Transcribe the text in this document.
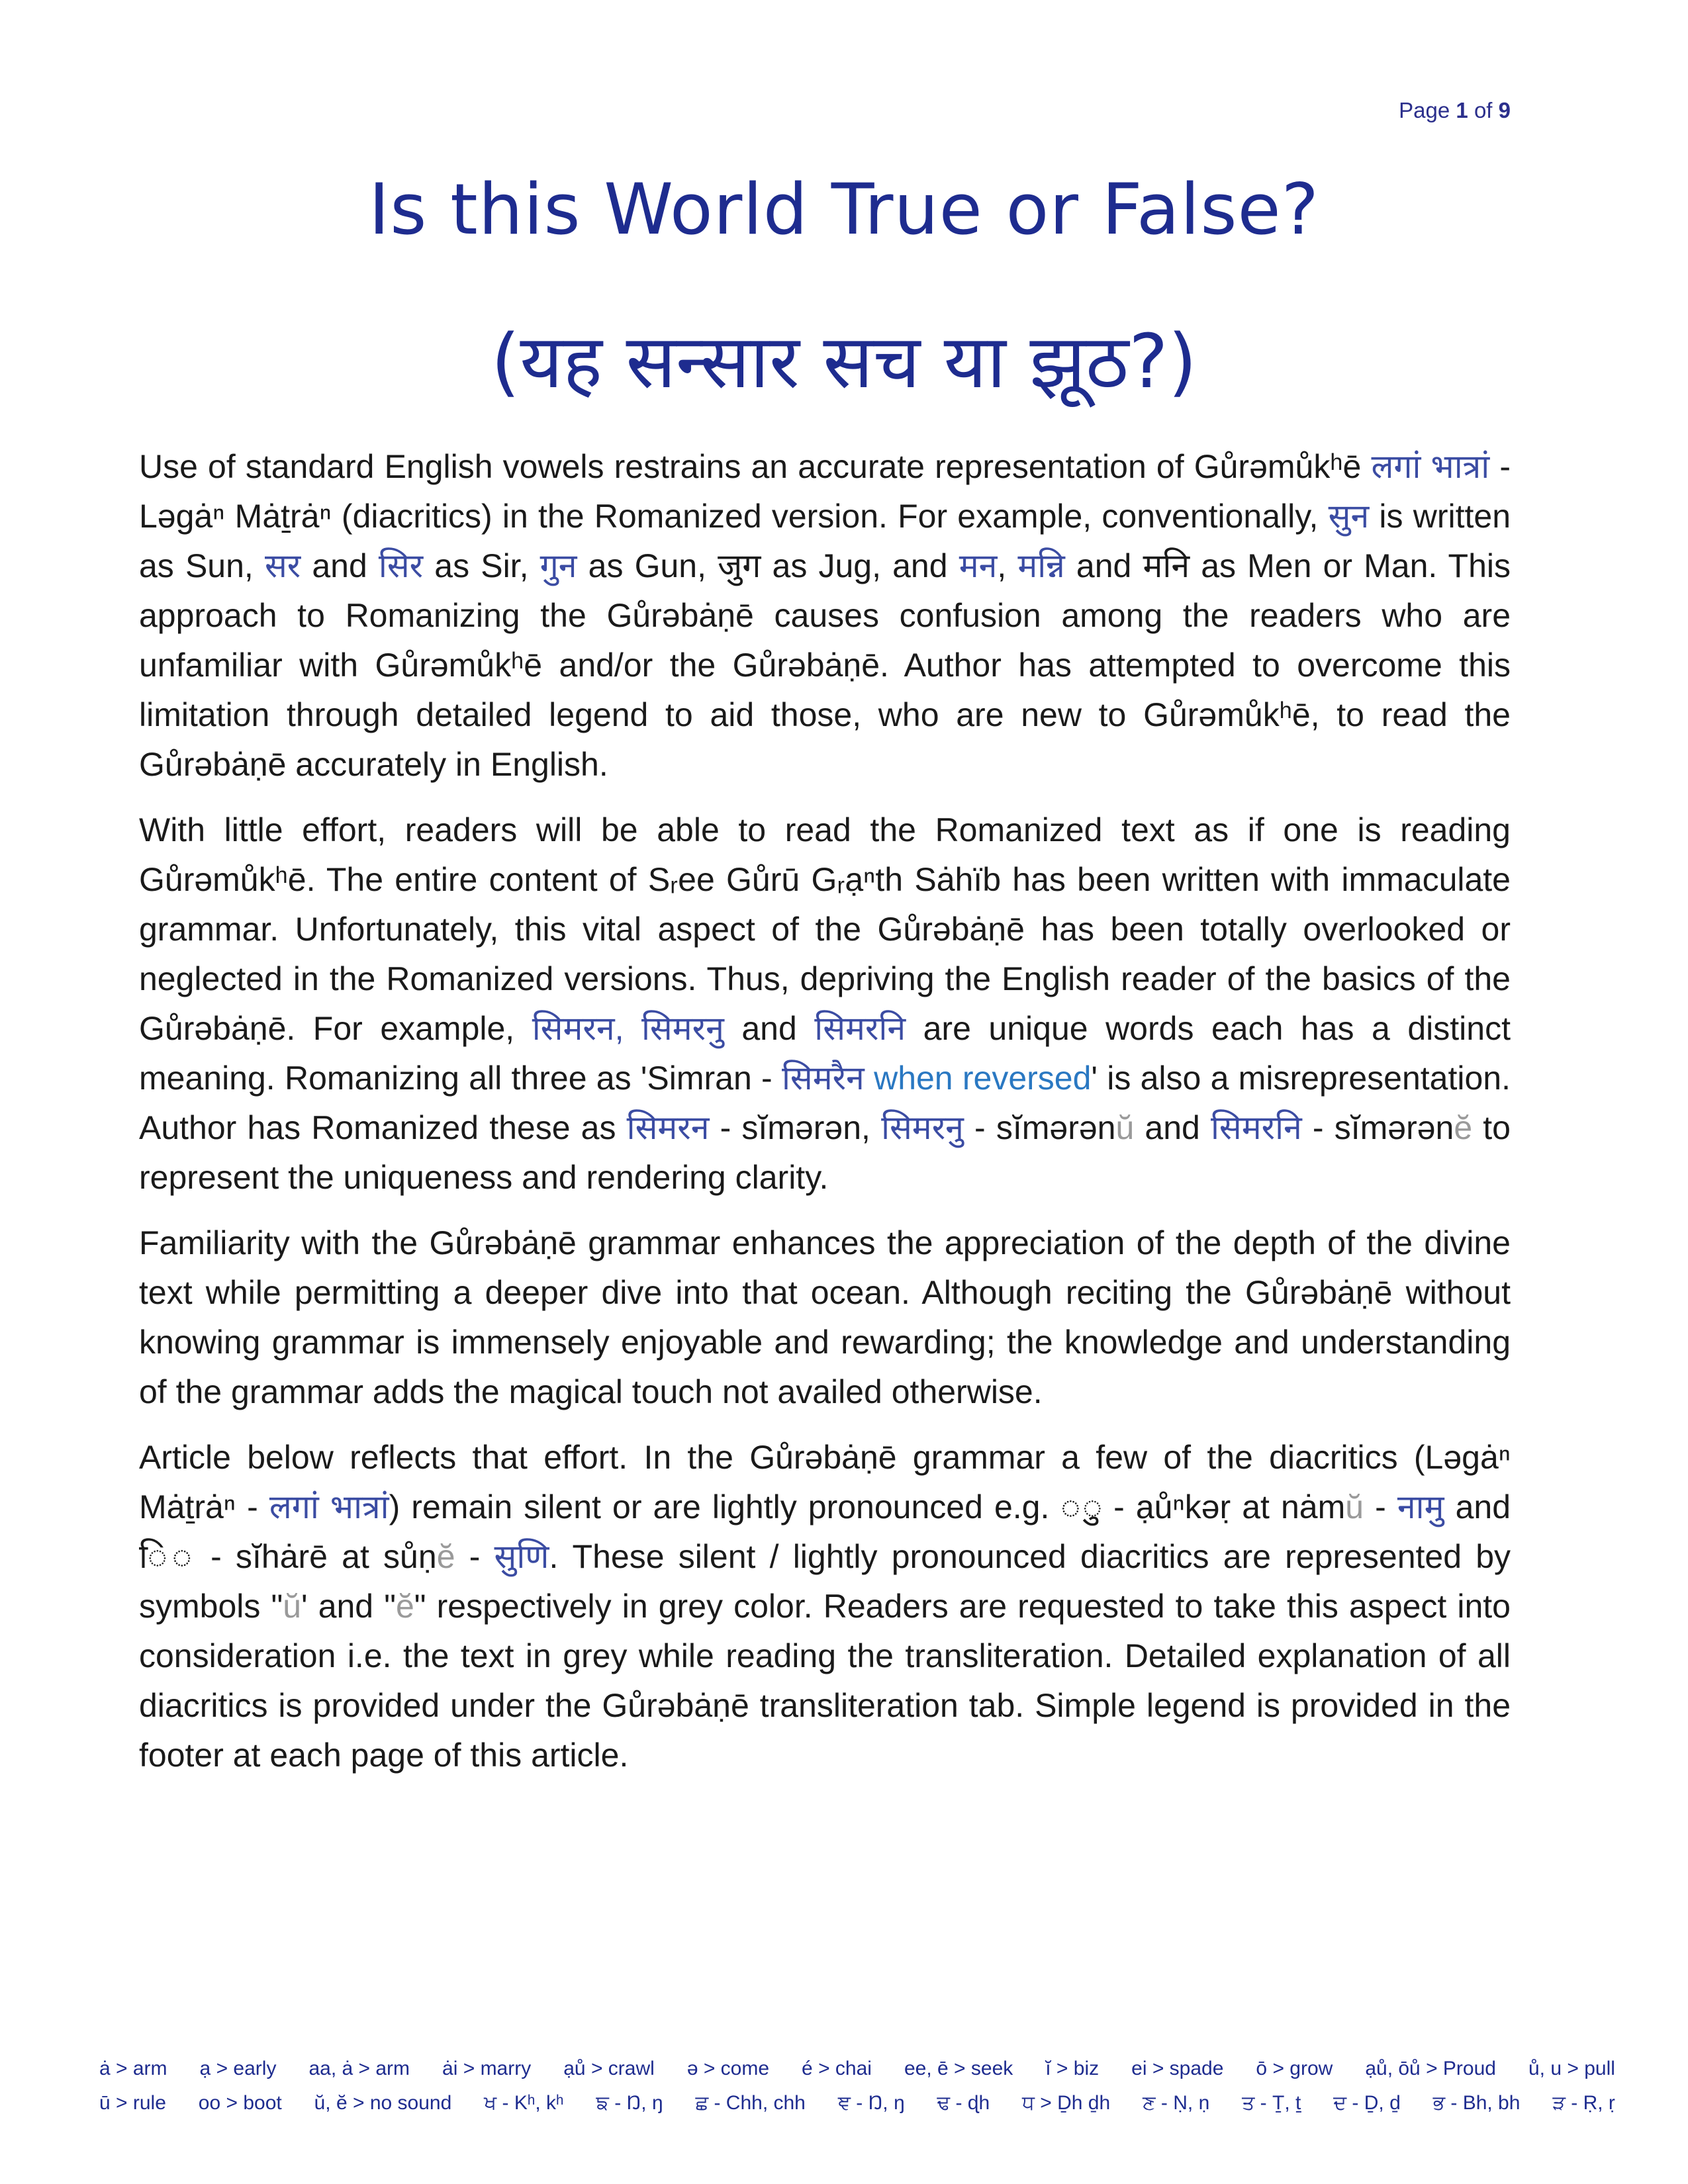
Page 1 of 9
Is this World True or False?
(यह सन्सार सच या झूठ?)

Use of standard English vowels restrains an accurate representation of Gůrəmůkʰē लगां भात्रां - Ləgȧⁿ Mȧṯrȧⁿ (diacritics) in the Romanized version. For example, conventionally, सुन is written as Sun, सर and सिर as Sir, गुन as Gun, जुग as Jug, and मन, मन्नि and मनि as Men or Man. This approach to Romanizing the Gůrəbȧṇē causes confusion among the readers who are unfamiliar with Gůrəmůkʰē and/or the Gůrəbȧṇē. Author has attempted to overcome this limitation through detailed legend to aid those, who are new to Gůrəmůkʰē, to read the Gůrəbȧṇē accurately in English.

With little effort, readers will be able to read the Romanized text as if one is reading Gůrəmůkʰē. The entire content of Sᵣee Gůrū Gᵣạⁿth Sȧhïb has been written with immaculate grammar. Unfortunately, this vital aspect of the Gůrəbȧṇē has been totally overlooked or neglected in the Romanized versions. Thus, depriving the English reader of the basics of the Gůrəbȧṇē. For example, सिमरन, सिमरनु and सिमरनि are unique words each has a distinct meaning. Romanizing all three as 'Simran - सिमरैन when reversed' is also a misrepresentation. Author has Romanized these as सिमरन - sĭmərən, सिमरनु - sĭmərənŭ and सिमरनि - sĭmərənĕ to represent the uniqueness and rendering clarity.

Familiarity with the Gůrəbȧṇē grammar enhances the appreciation of the depth of the divine text while permitting a deeper dive into that ocean. Although reciting the Gůrəbȧṇē without knowing grammar is immensely enjoyable and rewarding; the knowledge and understanding of the grammar adds the magical touch not availed otherwise.

Article below reflects that effort. In the Gůrəbȧṇē grammar a few of the diacritics (Ləgȧⁿ Mȧṯrȧⁿ - लगां भात्रां) remain silent or are lightly pronounced e.g. ◌ु - ạůⁿkəṛ at nȧmŭ - नामु and ि◌ - sĭhȧrē at sůṇĕ - सुणि. These silent / lightly pronounced diacritics are represented by symbols "ŭ' and "ĕ" respectively in grey color. Readers are requested to take this aspect into consideration i.e. the text in grey while reading the transliteration. Detailed explanation of all diacritics is provided under the Gůrəbȧṇē transliteration tab. Simple legend is provided in the footer at each page of this article.

ȧ > arm ạ > early aa, ȧ > arm ȧi > marry ạů > crawl ə > come é > chai ee, ē > seek ĭ > biz ei > spade ō > grow ạů, ōů > Proud ů, u > pull
ū > rule oo > boot ŭ, ĕ > no sound ਖ - Kʰ, kʰ ਙ - Ŋ, ŋ ਛ - Chh, chh ਞ - Ŋ, ŋ ਢ - ɖh ਧ > Ḏh ḏh ਣ - Ṇ, ṇ ਤ - Ṯ, ṯ ਦ - Ḏ, ḏ ਭ - Bh, bh ੜ - Ṛ, ṛ
